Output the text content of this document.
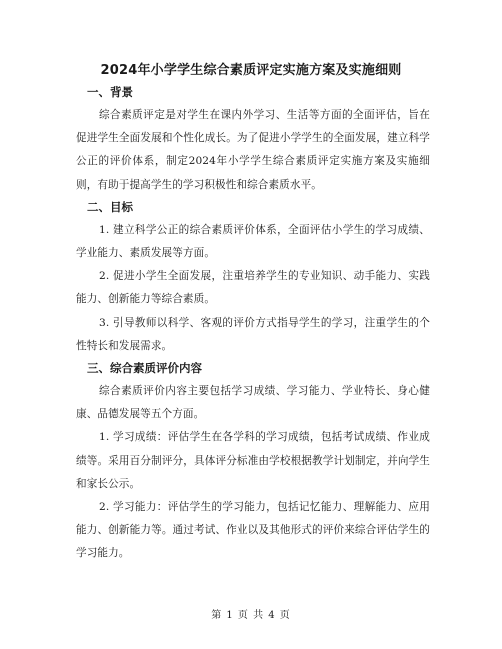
2024年小学学生综合素质评定实施方案及实施细则
一、背景

综合素质评定是对学生在课内外学习、生活等方面的全面评估，旨在促进学生全面发展和个性化成长。为了促进小学学生的全面发展，建立科学公正的评价体系，制定2024年小学学生综合素质评定实施方案及实施细则，有助于提高学生的学习积极性和综合素质水平。

二、目标

1. 建立科学公正的综合素质评价体系，全面评估小学生的学习成绩、学业能力、素质发展等方面。

2. 促进小学生全面发展，注重培养学生的专业知识、动手能力、实践能力、创新能力等综合素质。

3. 引导教师以科学、客观的评价方式指导学生的学习，注重学生的个性特长和发展需求。

三、综合素质评价内容

综合素质评价内容主要包括学习成绩、学习能力、学业特长、身心健康、品德发展等五个方面。

1. 学习成绩：评估学生在各学科的学习成绩，包括考试成绩、作业成绩等。采用百分制评分，具体评分标准由学校根据教学计划制定，并向学生和家长公示。

2. 学习能力：评估学生的学习能力，包括记忆能力、理解能力、应用能力、创新能力等。通过考试、作业以及其他形式的评价来综合评估学生的学习能力。

第 1 页 共 4 页
